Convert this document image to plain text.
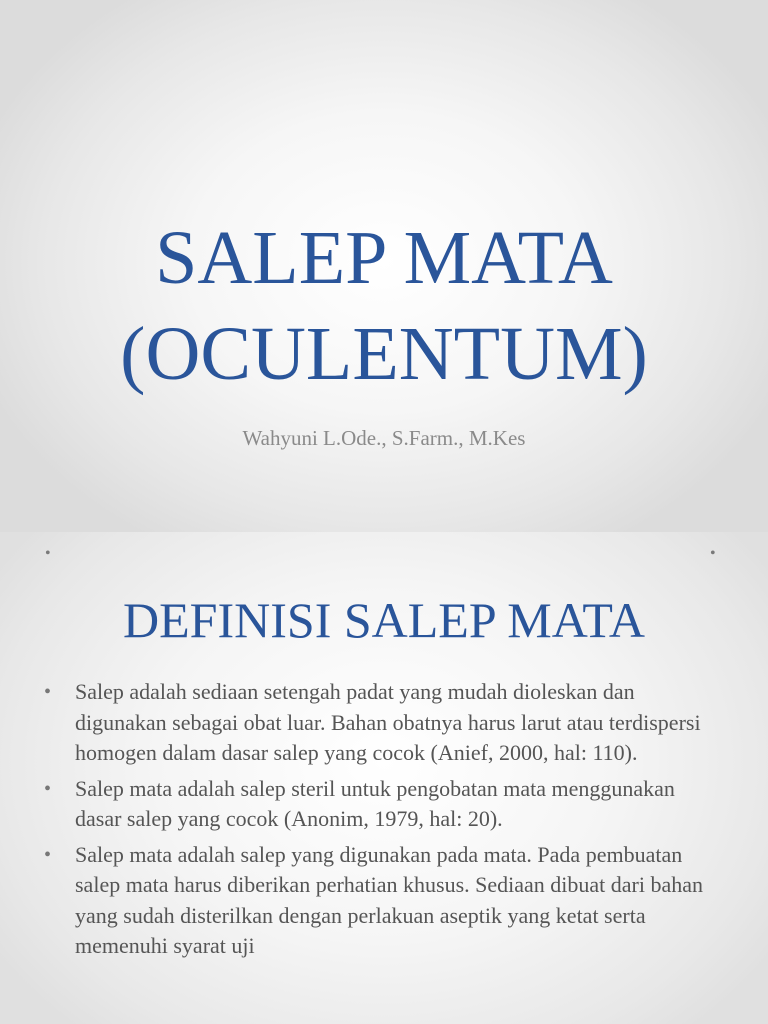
SALEP MATA
(OCULENTUM)

Wahyuni L.Ode., S.Farm., M.Kes

•	•
DEFINISI SALEP MATA
• Salep adalah sediaan setengah padat yang mudah dioleskan dan digunakan sebagai obat luar. Bahan obatnya harus larut atau terdispersi homogen dalam dasar salep yang cocok (Anief, 2000, hal: 110).
• Salep mata adalah salep steril untuk pengobatan mata menggunakan dasar salep yang cocok (Anonim, 1979, hal: 20).
• Salep mata adalah salep yang digunakan pada mata. Pada pembuatan salep mata harus diberikan perhatian khusus. Sediaan dibuat dari bahan yang sudah disterilkan dengan perlakuan aseptik yang ketat serta memenuhi syarat uji
